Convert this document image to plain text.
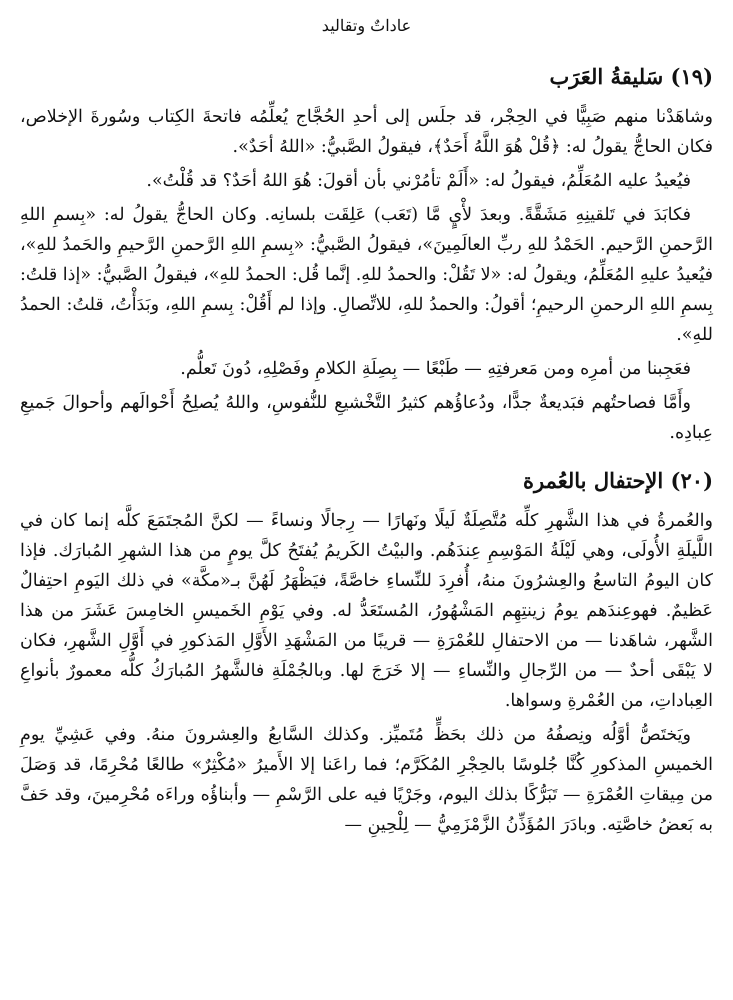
عاداتٌ وتقاليد
(١٩) سَليقةُ العَرَب

وشاهَدْنا منهم صَبِيًّا في الحِجْر، قد جلَس إلى أحدِ الحُجَّاج يُعلِّمُه فاتحةَ الكِتاب وسُورةَ الإخلاص، فكان الحاجُّ يقولُ له: ﴿قُلْ هُوَ اللَّهُ أَحَدٌ﴾، فيقولُ الصَّبيُّ: «اللهُ أحَدٌ».

فيُعيدُ عليه المُعَلِّمُ، فيقولُ له: «أَلَمْ تأمُرْني بأن أقولَ: هُوَ اللهُ أحَدٌ؟ قد قُلْتُ».

فكابَدَ في تَلقينِهِ مَشَقَّةً. وبعدَ لأْيٍ مَّا (تَعَب) عَلِقَت بلسانِه. وكان الحاجُّ يقولُ له: «بِسمِ اللهِ الرَّحمنِ الرَّحيم. الحَمْدُ للهِ ربِّ العالَمِينَ»، فيقولُ الصَّبيُّ: «بِسمِ اللهِ الرَّحمنِ الرَّحيمِ والحَمدُ للهِ»، فيُعيدُ عليهِ المُعَلِّمُ، ويقولُ له: «لا تَقُلْ: والحمدُ للهِ. إنَّما قُل: الحمدُ للهِ»، فيقولُ الصَّبيُّ: «إذا قلتُ: بِسمِ اللهِ الرحمنِ الرحيمِ؛ أقولُ: والحمدُ للهِ، للاتِّصالِ. وإذا لم أَقُلْ: بِسمِ اللهِ، وبَدَأْتُ، قلتُ: الحمدُ للهِ».

فعَجِبنا من أمرِه ومن مَعرفتِهِ — طَبْعًا — بِصِلَةِ الكلامِ وفَصْلِهِ، دُونَ تَعلُّم.

وأَمَّا فصاحتُهم فبَديعةٌ جدًّا، ودُعاؤُهم كثيرُ التَّخْشيعِ للنُّفوسِ، واللهُ يُصلِحُ أَحْوالَهم وأحوالَ جَميعِ عِبادِه.

(٢٠) الإحتفال بالعُمرة

والعُمرةُ في هذا الشَّهرِ كلِّه مُتَّصِلَةٌ لَيلًا ونَهارًا — رِجالًا ونساءً — لكنَّ المُجتَمَعَ كلَّه إنما كان في اللَّيلَةِ الأُولَى، وهي لَيْلَةُ المَوْسِمِ عِندَهُم. والبيْتُ الكَريمُ يُفتَحُ كلَّ يومٍ من هذا الشهرِ المُبارَك. فإذا كان اليومُ التاسعُ والعِشرُونَ منهُ، أُفرِدَ للنِّساءِ خاصَّةً، فيَظْهَرُ لَهُنَّ بـ«مكَّة» في ذلك اليَومِ احتِفالٌ عَظيمٌ. فهوعِندَهم يومُ زينتِهِم المَشْهُورُ، المُستَعَدُّ له. وفي يَوْمِ الخَميسِ الخامِسَ عَشَرَ من هذا الشَّهر، شاهَدنا — من الاحتفالِ للعُمْرَةِ — قريبًا من المَشْهَدِ الأَوَّلِ المَذكورِ في أَوَّلِ الشَّهرِ، فكان لا يَبْقَى أحدٌ — من الرِّجالِ والنِّساءِ — إلا خَرَجَ لها. وبالجُمْلَةِ فالشَّهرُ المُبارَكُ كلُّه معمورٌ بأنواعِ العِباداتِ، من العُمْرةِ وسواها.

ويَختَصُّ أوَّلُه ونِصفُهُ من ذلك بحَظٍّ مُتَميِّز. وكذلك السَّابعُ والعِشرونَ منهُ. وفي عَشِيِّ يومِ الخميسِ المذكورِ كُنَّا جُلوسًا بالحِجْرِ المُكَرَّم؛ فما راعَنا إلا الأَميرُ «مُكْثِرٌ» طالعًا مُحْرِمًا، قد وَصَلَ من مِيقاتِ العُمْرَةِ — تَبَرُّكًا بذلك اليوم، وجَرْيًا فيه على الرَّسْمِ — وأبناؤُه وراءَه مُحْرِمينَ، وقد حَفَّ به بَعضُ خاصَّتِه. وبادَرَ المُؤَذِّنُ الزَّمْزَمِيُّ — لِلْحِينِ —
